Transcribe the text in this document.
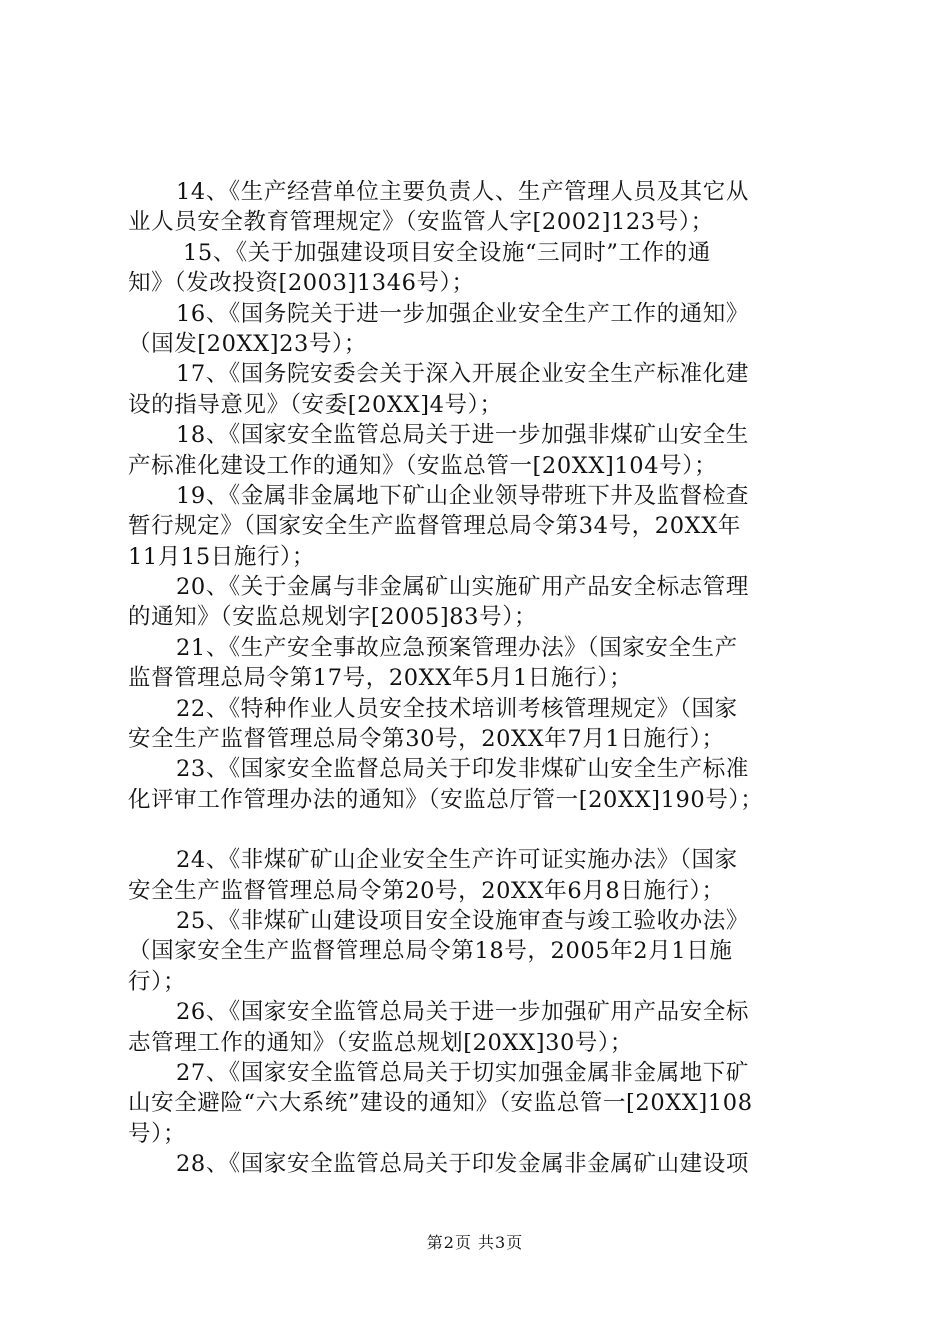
14、《生产经营单位主要负责人、生产管理人员及其它从
业人员安全教育管理规定》（安监管人字[2002]123号）；
15、《关于加强建设项目安全设施“三同时”工作的通
知》（发改投资[2003]1346号）；
16、《国务院关于进一步加强企业安全生产工作的通知》
（国发[20XX]23号）；
17、《国务院安委会关于深入开展企业安全生产标准化建
设的指导意见》（安委[20XX]4号）；
18、《国家安全监管总局关于进一步加强非煤矿山安全生
产标准化建设工作的通知》（安监总管一[20XX]104号）；
19、《金属非金属地下矿山企业领导带班下井及监督检查
暂行规定》（国家安全生产监督管理总局令第34号，20XX年
11月15日施行）；
20、《关于金属与非金属矿山实施矿用产品安全标志管理
的通知》（安监总规划字[2005]83号）；
21、《生产安全事故应急预案管理办法》（国家安全生产
监督管理总局令第17号，20XX年5月1日施行）；
22、《特种作业人员安全技术培训考核管理规定》（国家
安全生产监督管理总局令第30号，20XX年7月1日施行）；
23、《国家安全监督总局关于印发非煤矿山安全生产标准
化评审工作管理办法的通知》（安监总厅管一[20XX]190号）；
24、《非煤矿矿山企业安全生产许可证实施办法》（国家
安全生产监督管理总局令第20号，20XX年6月8日施行）；
25、《非煤矿山建设项目安全设施审查与竣工验收办法》
（国家安全生产监督管理总局令第18号，2005年2月1日施
行）；
26、《国家安全监管总局关于进一步加强矿用产品安全标
志管理工作的通知》（安监总规划[20XX]30号）；
27、《国家安全监管总局关于切实加强金属非金属地下矿
山安全避险“六大系统”建设的通知》（安监总管一[20XX]108
号）；
28、《国家安全监管总局关于印发金属非金属矿山建设项
第2页 共3页
